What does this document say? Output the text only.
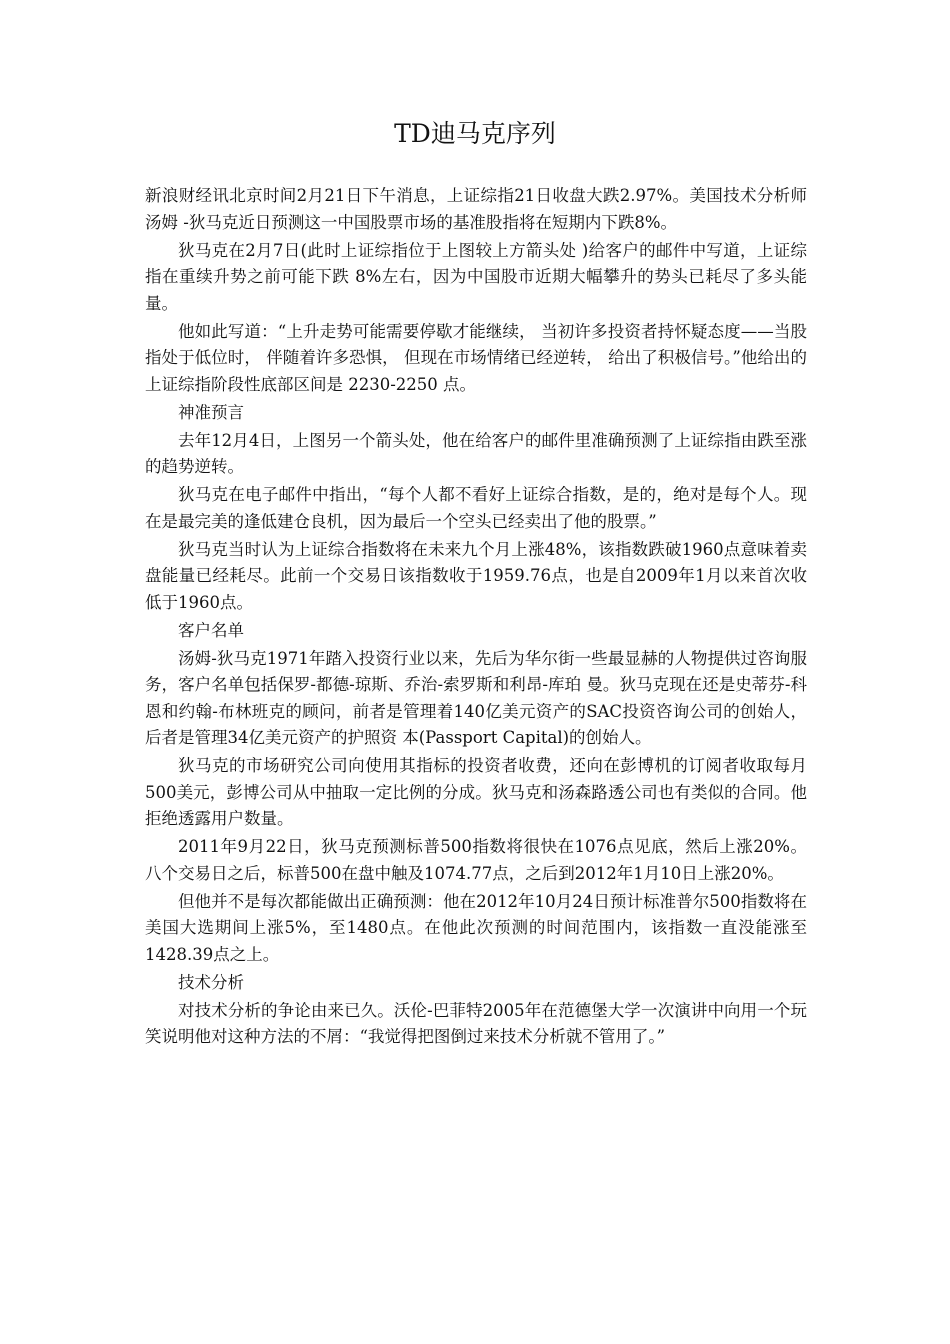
TD迪马克序列

新浪财经讯北京时间2月21日下午消息，上证综指21日收盘大跌2.97%。美国技术分析师汤姆 -狄马克近日预测这一中国股票市场的基准股指将在短期内下跌8%。

狄马克在2月7日(此时上证综指位于上图较上方箭头处 )给客户的邮件中写道，上证综指在重续升势之前可能下跌 8%左右，因为中国股市近期大幅攀升的势头已耗尽了多头能量。

他如此写道：“上升走势可能需要停歇才能继续， 当初许多投资者持怀疑态度——当股指处于低位时， 伴随着许多恐惧， 但现在市场情绪已经逆转， 给出了积极信号。”他给出的上证综指阶段性底部区间是 2230-2250 点。

神准预言

去年12月4日，上图另一个箭头处，他在给客户的邮件里准确预测了上证综指由跌至涨的趋势逆转。

狄马克在电子邮件中指出，“每个人都不看好上证综合指数，是的，绝对是每个人。现在是最完美的逢低建仓良机，因为最后一个空头已经卖出了他的股票。”

狄马克当时认为上证综合指数将在未来九个月上涨48%，该指数跌破1960点意味着卖盘能量已经耗尽。此前一个交易日该指数收于1959.76点，也是自2009年1月以来首次收低于1960点。

客户名单

汤姆-狄马克1971年踏入投资行业以来，先后为华尔街一些最显赫的人物提供过咨询服务，客户名单包括保罗-都德-琼斯、乔治-索罗斯和利昂-库珀 曼。狄马克现在还是史蒂芬-科恩和约翰-布林班克的顾问，前者是管理着140亿美元资产的SAC投资咨询公司的创始人，后者是管理34亿美元资产的护照资 本(Passport Capital)的创始人。

狄马克的市场研究公司向使用其指标的投资者收费，还向在彭博机的订阅者收取每月500美元，彭博公司从中抽取一定比例的分成。狄马克和汤森路透公司也有类似的合同。他拒绝透露用户数量。

2011年9月22日，狄马克预测标普500指数将很快在1076点见底，然后上涨20%。八个交易日之后，标普500在盘中触及1074.77点，之后到2012年1月10日上涨20%。

但他并不是每次都能做出正确预测：他在2012年10月24日预计标准普尔500指数将在美国大选期间上涨5%，至1480点。在他此次预测的时间范围内，该指数一直没能涨至1428.39点之上。

技术分析

对技术分析的争论由来已久。沃伦-巴菲特2005年在范德堡大学一次演讲中向用一个玩笑说明他对这种方法的不屑：“我觉得把图倒过来技术分析就不管用了。”
